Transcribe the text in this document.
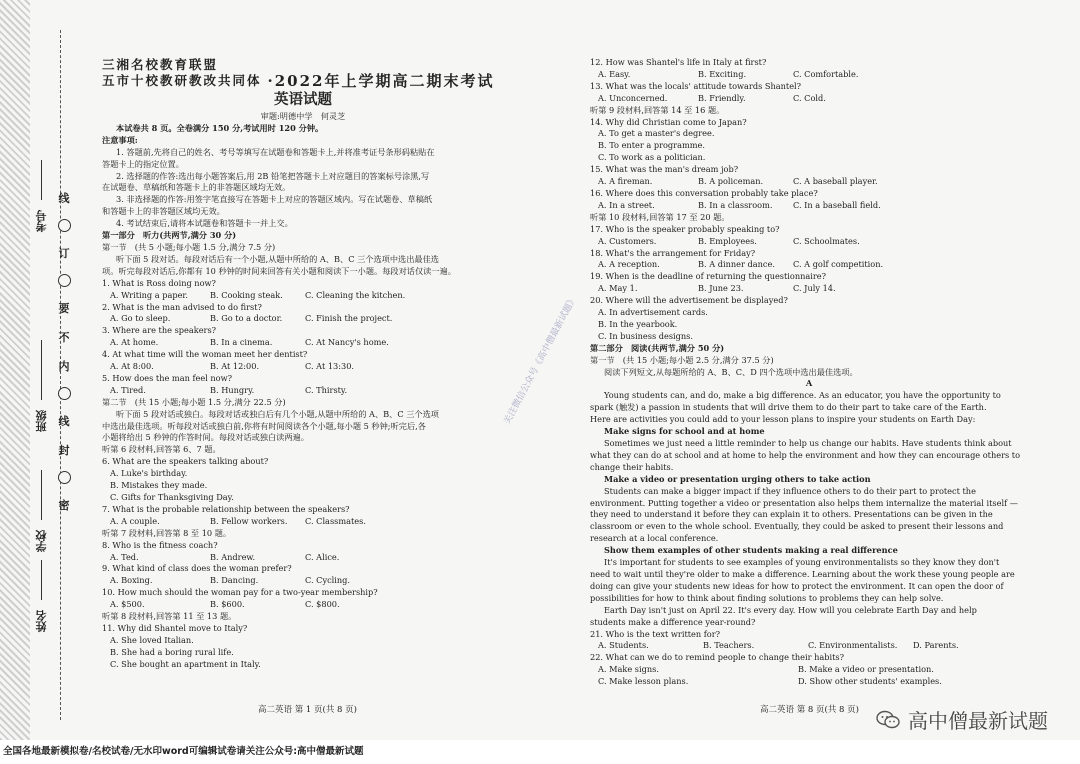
考号
班级
学校
姓名
线
订
要
不
内
线
封
密

三湘名校教育联盟

五市十校教研教改共同体 ·2022年上学期高二期末考试

英语试题

审题:明德中学　何灵芝

本试卷共 8 页。全卷满分 150 分,考试用时 120 分钟。

注意事项:

1. 答题前,先将自己的姓名、考号等填写在试题卷和答题卡上,并将准考证号条形码粘贴在

答题卡上的指定位置。

2. 选择题的作答:选出每小题答案后,用 2B 铅笔把答题卡上对应题目的答案标号涂黑,写

在试题卷、草稿纸和答题卡上的非答题区域均无效。

3. 非选择题的作答:用签字笔直接写在答题卡上对应的答题区域内。写在试题卷、草稿纸

和答题卡上的非答题区域均无效。

4. 考试结束后,请将本试题卷和答题卡一并上交。

第一部分　听力(共两节,满分 30 分)

第一节　(共 5 小题;每小题 1.5 分,满分 7.5 分)

听下面 5 段对话。每段对话后有一个小题,从题中所给的 A、B、C 三个选项中选出最佳选

项。听完每段对话后,你都有 10 秒钟的时间来回答有关小题和阅读下一小题。每段对话仅读一遍。

1. What is Ross doing now?

A. Writing a paper.	B. Cooking steak.	C. Cleaning the kitchen.

2. What is the man advised to do first?

A. Go to sleep.	B. Go to a doctor.	C. Finish the project.

3. Where are the speakers?

A. At home.	B. In a cinema.	C. At Nancy's home.

4. At what time will the woman meet her dentist?

A. At 8:00.	B. At 12:00.	C. At 13:30.

5. How does the man feel now?

A. Tired.	B. Hungry.	C. Thirsty.

第二节　(共 15 小题;每小题 1.5 分,满分 22.5 分)

听下面 5 段对话或独白。每段对话或独白后有几个小题,从题中所给的 A、B、C 三个选项

中选出最佳选项。听每段对话或独白前,你将有时间阅读各个小题,每小题 5 秒钟;听完后,各

小题将给出 5 秒钟的作答时间。每段对话或独白读两遍。

听第 6 段材料,回答第 6、7 题。

6. What are the speakers talking about?

A. Luke's birthday.

B. Mistakes they made.

C. Gifts for Thanksgiving Day.

7. What is the probable relationship between the speakers?

A. A couple.	B. Fellow workers.	C. Classmates.

听第 7 段材料,回答第 8 至 10 题。

8. Who is the fitness coach?

A. Ted.	B. Andrew.	C. Alice.

9. What kind of class does the woman prefer?

A. Boxing.	B. Dancing.	C. Cycling.

10. How much should the woman pay for a two-year membership?

A. $500.	B. $600.	C. $800.

听第 8 段材料,回答第 11 至 13 题。

11. Why did Shantel move to Italy?

A. She loved Italian.

B. She had a boring rural life.

C. She bought an apartment in Italy.

12. How was Shantel's life in Italy at first?

A. Easy.	B. Exciting.	C. Comfortable.

13. What was the locals' attitude towards Shantel?

A. Unconcerned.	B. Friendly.	C. Cold.

听第 9 段材料,回答第 14 至 16 题。

14. Why did Christian come to Japan?

A. To get a master's degree.

B. To enter a programme.

C. To work as a politician.

15. What was the man's dream job?

A. A fireman.	B. A policeman.	C. A baseball player.

16. Where does this conversation probably take place?

A. In a street.	B. In a classroom.	C. In a baseball field.

听第 10 段材料,回答第 17 至 20 题。

17. Who is the speaker probably speaking to?

A. Customers.	B. Employees.	C. Schoolmates.

18. What's the arrangement for Friday?

A. A reception.	B. A dinner dance.	C. A golf competition.

19. When is the deadline of returning the questionnaire?

A. May 1.	B. June 23.	C. July 14.

20. Where will the advertisement be displayed?

A. In advertisement cards.

B. In the yearbook.

C. In business designs.

第二部分　阅读(共两节,满分 50 分)

第一节　(共 15 小题;每小题 2.5 分,满分 37.5 分)

阅读下列短文,从每题所给的 A、B、C、D 四个选项中选出最佳选项。

A

Young students can, and do, make a big difference. As an educator, you have the opportunity to

spark (触发) a passion in students that will drive them to do their part to take care of the Earth.

Here are activities you could add to your lesson plans to inspire your students on Earth Day:

Make signs for school and at home

Sometimes we just need a little reminder to help us change our habits. Have students think about

what they can do at school and at home to help the environment and how they can encourage others to

change their habits.

Make a video or presentation urging others to take action

Students can make a bigger impact if they influence others to do their part to protect the

environment. Putting together a video or presentation also helps them internalize the material itself —

they need to understand it before they can explain it to others. Presentations can be given in the

classroom or even to the whole school. Eventually, they could be asked to present their lessons and

research at a local conference.

Show them examples of other students making a real difference

It's important for students to see examples of young environmentalists so they know they don't

need to wait until they're older to make a difference. Learning about the work these young people are

doing can give your students new ideas for how to protect the environment. It can open the door of

possibilities for how to think about finding solutions to problems they can help solve.

Earth Day isn't just on April 22. It's every day. How will you celebrate Earth Day and help

students make a difference year-round?

21. Who is the text written for?

A. Students.	B. Teachers.	C. Environmentalists.	D. Parents.

22. What can we do to remind people to change their habits?

A. Make signs.	B. Make a video or presentation.

C. Make lesson plans.	D. Show other students' examples.

高二英语 第 1 页(共 8 页)	高二英语 第 8 页(共 8 页)
关注微信公众号《高中僧最新试题》
高中僧最新试题
全国各地最新模拟卷/名校试卷/无水印word可编辑试卷请关注公众号:高中僧最新试题
